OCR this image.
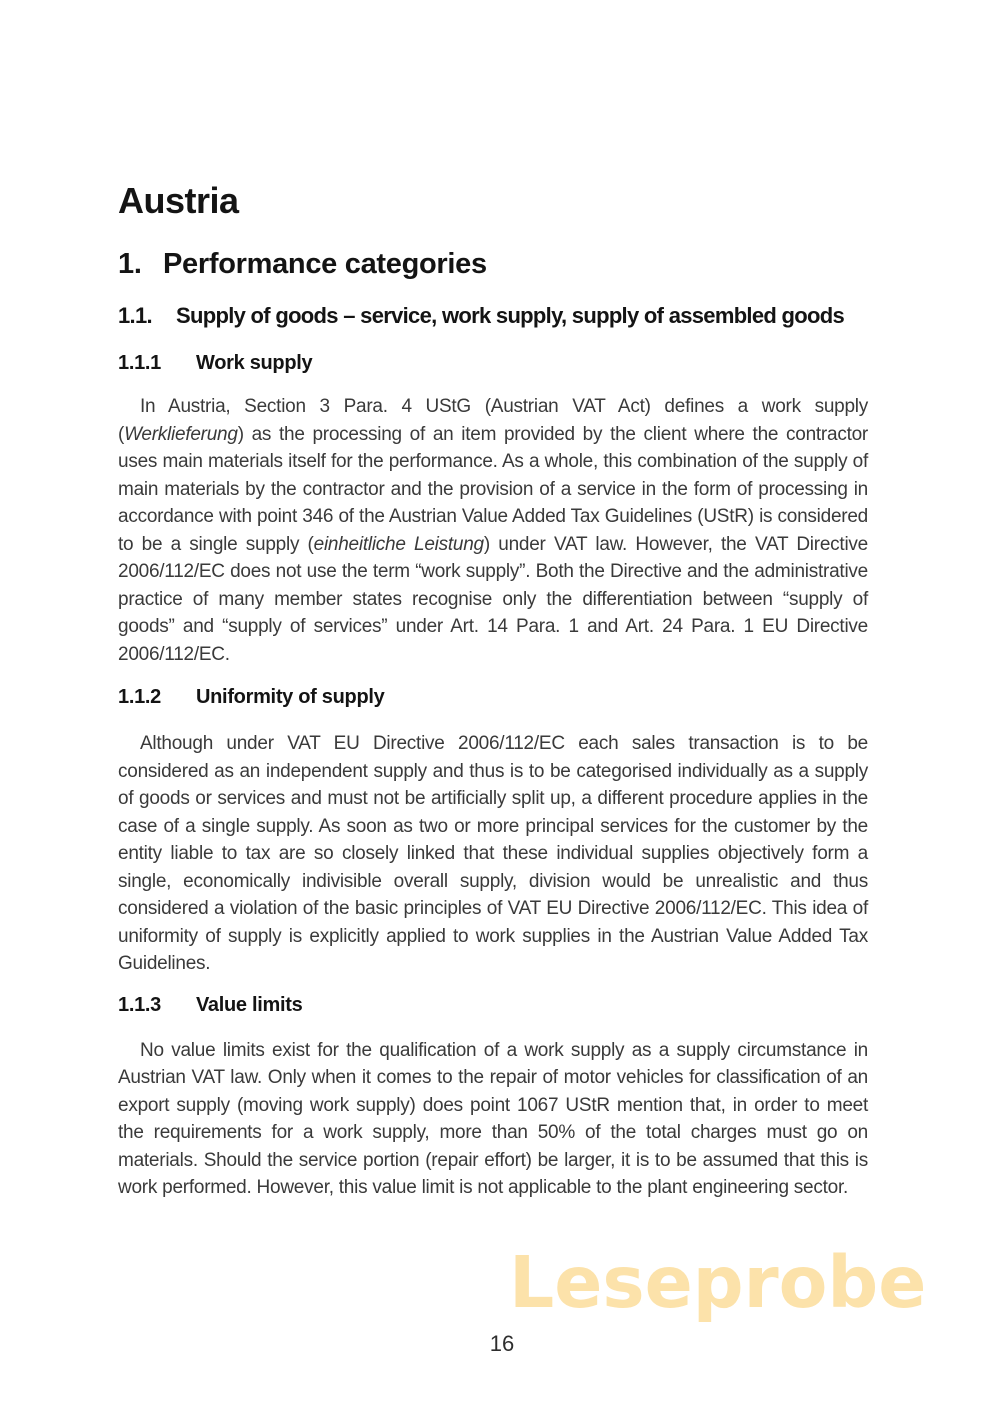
Austria
1. Performance categories
1.1.	Supply of goods – service, work supply, supply of assembled goods
1.1.1	Work supply

In Austria, Section 3 Para. 4 UStG (Austrian VAT Act) defines a work supply (Werklieferung) as the processing of an item provided by the client where the contractor uses main materials itself for the performance. As a whole, this combination of the supply of main materials by the contractor and the provision of a service in the form of processing in accordance with point 346 of the Austrian Value Added Tax Guidelines (UStR) is considered to be a single supply (einheitliche Leistung) under VAT law. However, the VAT Directive 2006/112/EC does not use the term “work supply”. Both the Directive and the administrative practice of many member states recognise only the differentiation between “supply of goods” and “supply of services” under Art. 14 Para. 1 and Art. 24 Para. 1 EU Directive 2006/112/EC.

1.1.2	Uniformity of supply

Although under VAT EU Directive 2006/112/EC each sales transaction is to be considered as an independent supply and thus is to be categorised individually as a supply of goods or services and must not be artificially split up, a different procedure applies in the case of a single supply. As soon as two or more principal services for the customer by the entity liable to tax are so closely linked that these individual supplies objectively form a single, economically indivisible overall supply, division would be unrealistic and thus considered a violation of the basic principles of VAT EU Directive 2006/112/EC. This idea of uniformity of supply is explicitly applied to work supplies in the Austrian Value Added Tax Guidelines.

1.1.3	Value limits

No value limits exist for the qualification of a work supply as a supply circumstance in Austrian VAT law. Only when it comes to the repair of motor vehicles for classification of an export supply (moving work supply) does point 1067 UStR mention that, in order to meet the requirements for a work supply, more than 50% of the total charges must go on materials. Should the service portion (repair effort) be larger, it is to be assumed that this is work performed. However, this value limit is not applicable to the plant engineering sector.

Leseprobe
16
